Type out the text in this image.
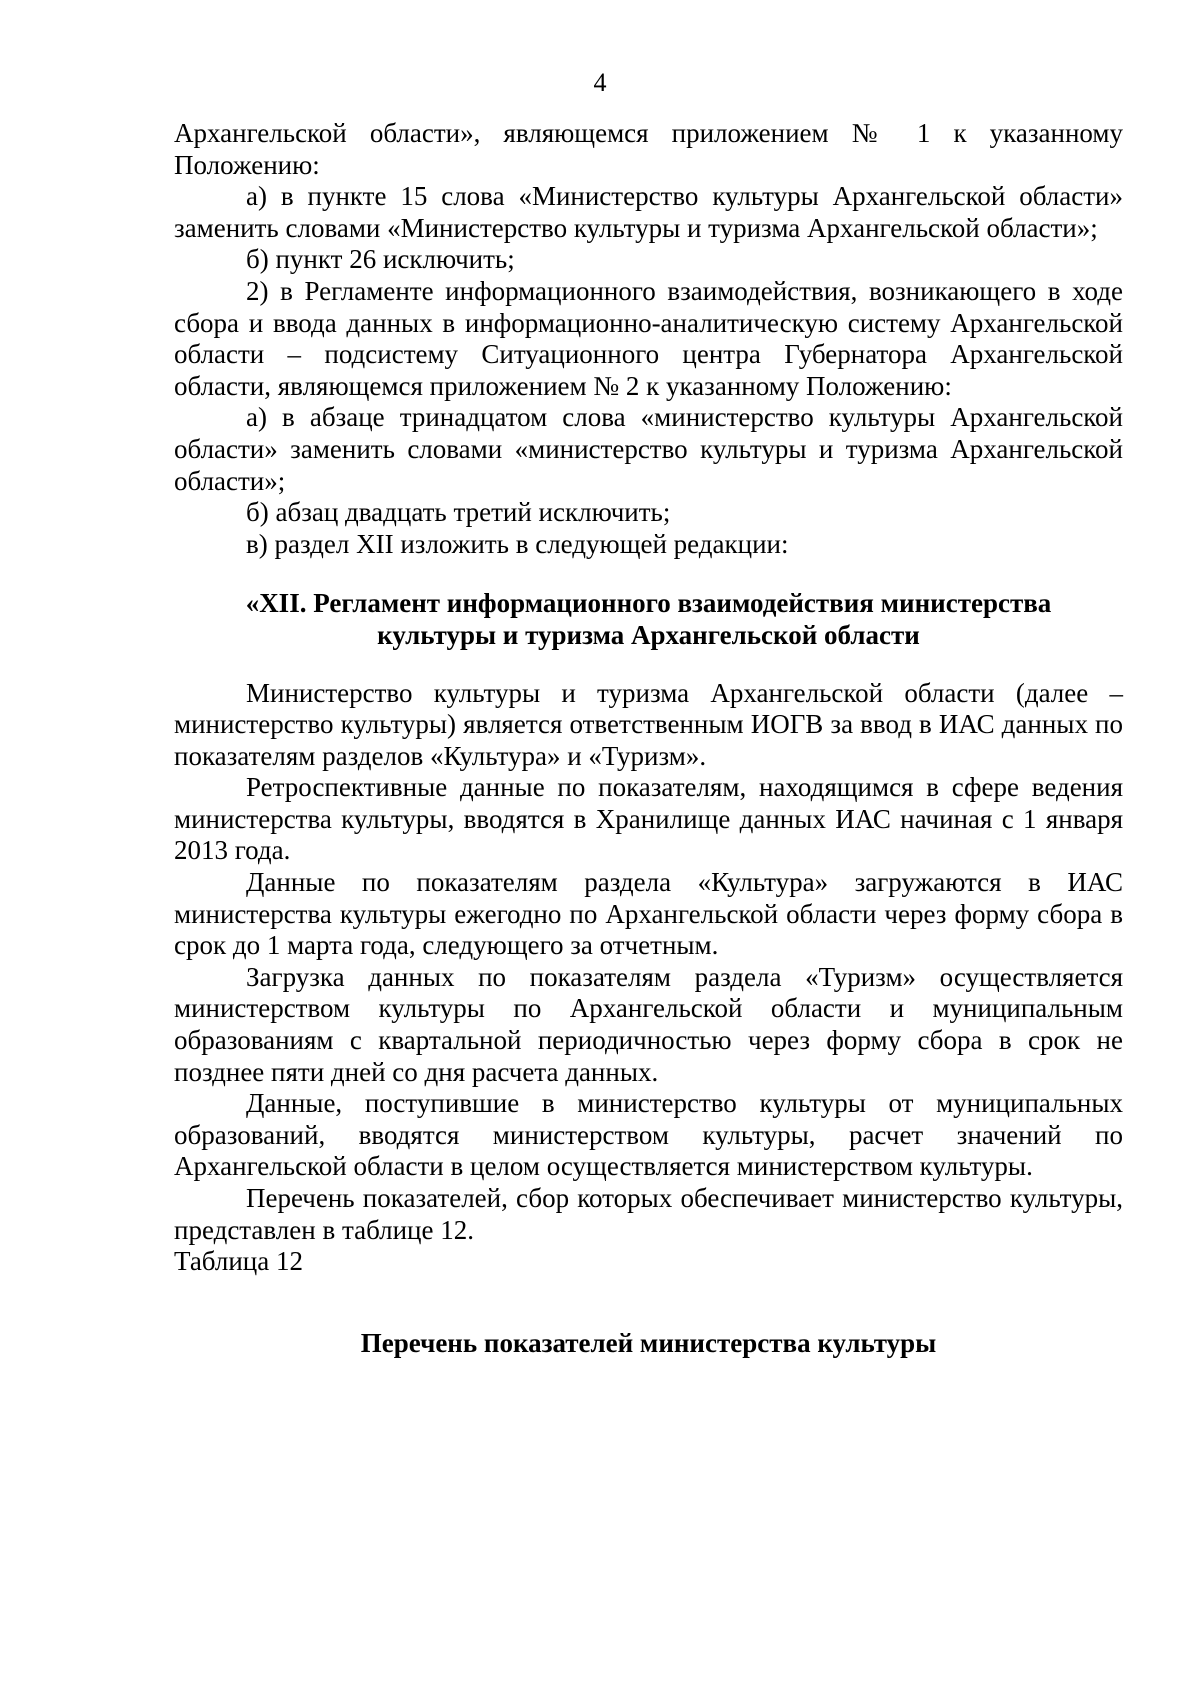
4

Архангельской области», являющемся приложением № 1 к указанному Положению:

а) в пункте 15 слова «Министерство культуры Архангельской области» заменить словами «Министерство культуры и туризма Архангельской области»;

б) пункт 26 исключить;

2) в Регламенте информационного взаимодействия, возникающего в ходе сбора и ввода данных в информационно-аналитическую систему Архангельской области – подсистему Ситуационного центра Губернатора Архангельской области, являющемся приложением № 2 к указанному Положению:

а) в абзаце тринадцатом слова «министерство культуры Архангельской области» заменить словами «министерство культуры и туризма Архангельской области»;

б) абзац двадцать третий исключить;

в) раздел XII изложить в следующей редакции:

«XII. Регламент информационного взаимодействия министерства
культуры и туризма Архангельской области

Министерство культуры и туризма Архангельской области (далее – министерство культуры) является ответственным ИОГВ за ввод в ИАС данных по показателям разделов «Культура» и «Туризм».

Ретроспективные данные по показателям, находящимся в сфере ведения министерства культуры, вводятся в Хранилище данных ИАС начиная с 1 января 2013 года.

Данные по показателям раздела «Культура» загружаются в ИАС министерства культуры ежегодно по Архангельской области через форму сбора в срок до 1 марта года, следующего за отчетным.

Загрузка данных по показателям раздела «Туризм» осуществляется министерством культуры по Архангельской области и муниципальным образованиям с квартальной периодичностью через форму сбора в срок не позднее пяти дней со дня расчета данных.

Данные, поступившие в министерство культуры от муниципальных образований, вводятся министерством культуры, расчет значений по Архангельской области в целом осуществляется министерством культуры.

Перечень показателей, сбор которых обеспечивает министерство культуры, представлен в таблице 12.

Таблица 12

Перечень показателей министерства культуры
